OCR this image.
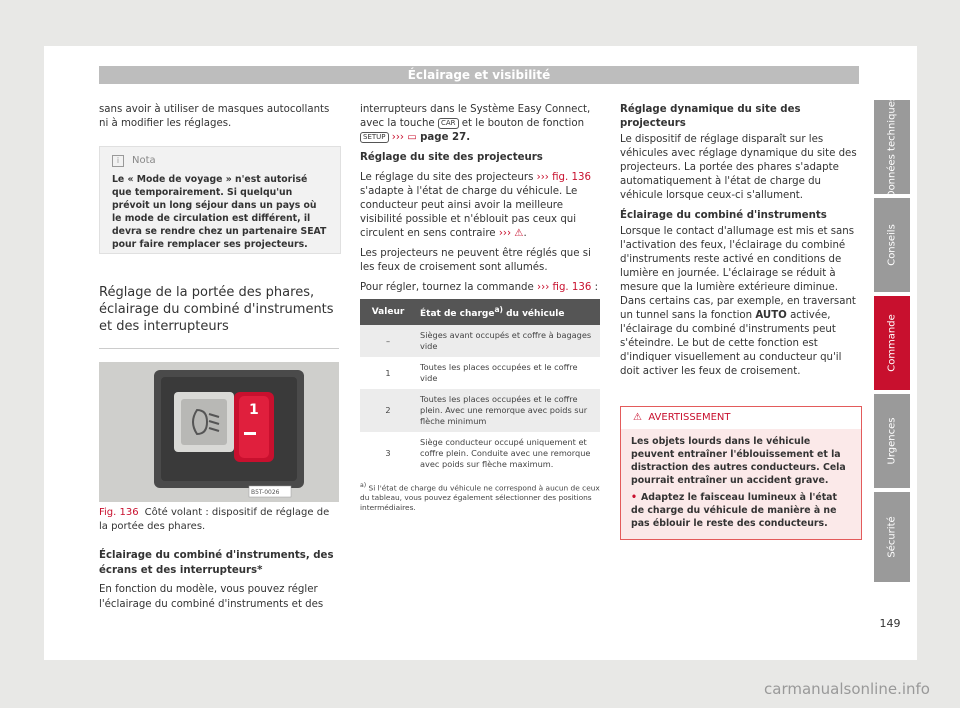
Éclairage et visibilité
sans avoir à utiliser de masques autocollants ni à modifier les réglages.
i Nota
Le « Mode de voyage » n'est autorisé que temporairement. Si quelqu'un prévoit un long séjour dans un pays où le mode de circulation est différent, il devra se rendre chez un partenaire SEAT pour faire remplacer ses projecteurs.
Réglage de la portée des phares, éclairage du combiné d'instruments et des interrupteurs
1
B5T-0026
Fig. 136 Côté volant : dispositif de réglage de la portée des phares.
Éclairage du combiné d'instruments, des écrans et des interrupteurs*
En fonction du modèle, vous pouvez régler l'éclairage du combiné d'instruments et des

interrupteurs dans le Système Easy Connect, avec la touche CAR et le bouton de fonction SETUP ››› ▭ page 27.

Réglage du site des projecteurs

Le réglage du site des projecteurs ››› fig. 136 s'adapte à l'état de charge du véhicule. Le conducteur peut ainsi avoir la meilleure visibilité possible et n'éblouit pas ceux qui circulent en sens contraire ››› ⚠.

Les projecteurs ne peuvent être réglés que si les feux de croisement sont allumés.

Pour régler, tournez la commande ››› fig. 136 :

Valeur	État de charge$^{a)}$ du véhicule
–	Sièges avant occupés et coffre à bagages vide
1	Toutes les places occupées et le coffre vide
2	Toutes les places occupées et le coffre plein. Avec une remorque avec poids sur flèche minimum
3	Siège conducteur occupé uniquement et coffre plein. Conduite avec une remorque avec poids sur flèche maximum.
$^{a)}$ Si l'état de charge du véhicule ne correspond à aucun de ceux du tableau, vous pouvez également sélectionner des positions intermédiaires.

Réglage dynamique du site des projecteurs

Le dispositif de réglage disparaît sur les véhicules avec réglage dynamique du site des projecteurs. La portée des phares s'adapte automatiquement à l'état de charge du véhicule lorsque ceux-ci s'allument.

Éclairage du combiné d'instruments

Lorsque le contact d'allumage est mis et sans l'activation des feux, l'éclairage du combiné d'instruments reste activé en conditions de lumière en journée. L'éclairage se réduit à mesure que la lumière extérieure diminue. Dans certains cas, par exemple, en traversant un tunnel sans la fonction AUTO activée, l'éclairage du combiné d'instruments peut s'éteindre. Le but de cette fonction est d'indiquer visuellement au conducteur qu'il doit activer les feux de croisement.

⚠ AVERTISSEMENT
Les objets lourds dans le véhicule peuvent entraîner l'éblouissement et la distraction des autres conducteurs. Cela pourrait entraîner un accident grave.
• Adaptez le faisceau lumineux à l'état de charge du véhicule de manière à ne pas éblouir le reste des conducteurs.
Données techniques
Conseils
Commande
Urgences
Sécurité
149
carmanualsonline.info
